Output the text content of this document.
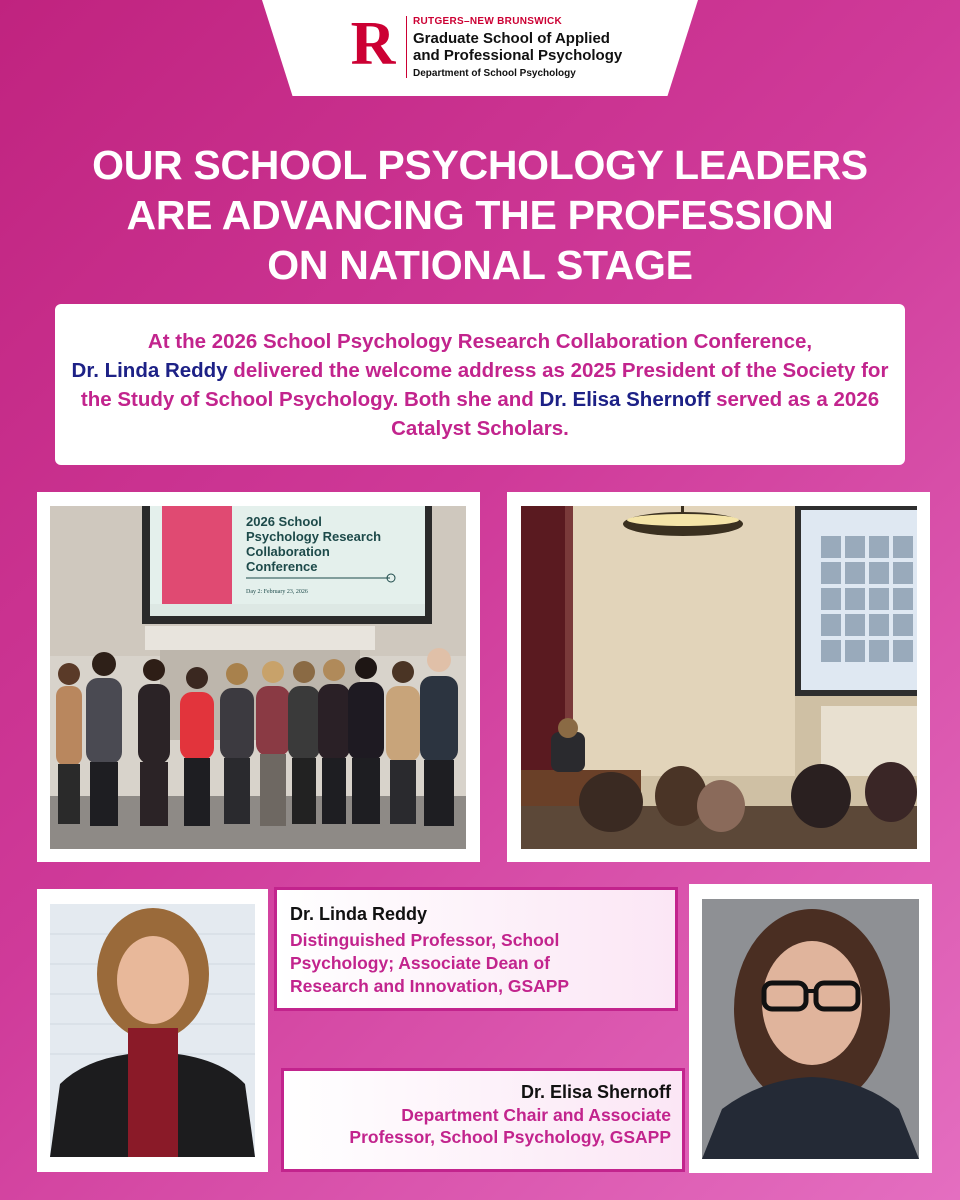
R RUTGERS–NEW BRUNSWICK
Graduate School of Applied
and Professional Psychology
Department of School Psychology
OUR SCHOOL PSYCHOLOGY LEADERS
ARE ADVANCING THE PROFESSION
ON NATIONAL STAGE
At the 2026 School Psychology Research Collaboration Conference,
Dr. Linda Reddy delivered the welcome address as 2025 President of the Society for the Study of School Psychology. Both she and Dr. Elisa Shernoff served as a 2026 Catalyst Scholars.
2026 School
Psychology Research
Collaboration
Conference
Day 2: February 23, 2026
Dr. Linda Reddy
Distinguished Professor, School
Psychology; Associate Dean of
Research and Innovation, GSAPP
Dr. Elisa Shernoff
Department Chair and Associate
Professor, School Psychology, GSAPP
